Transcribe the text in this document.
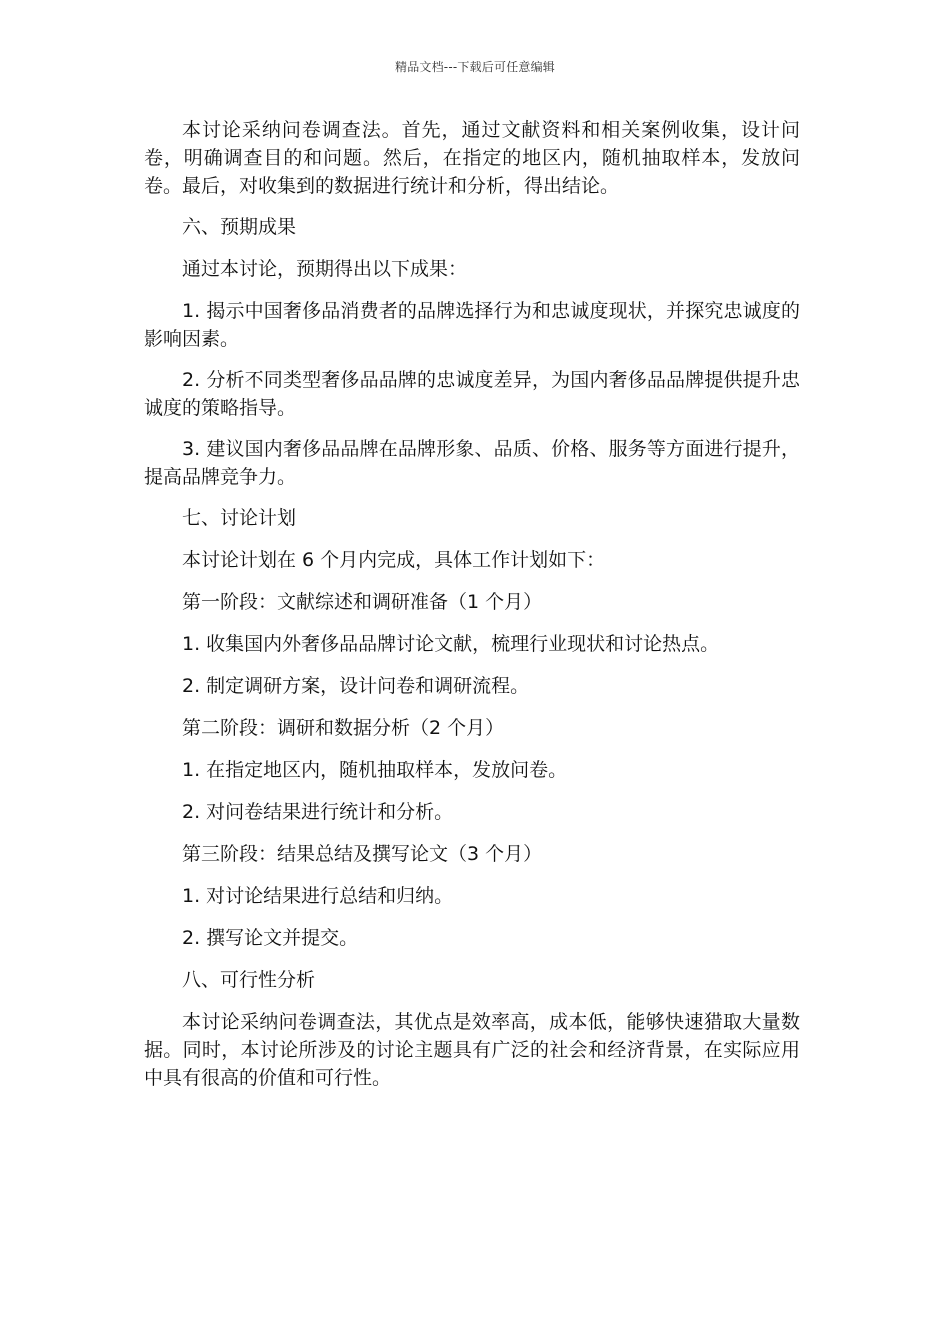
精品文档---下载后可任意编辑

本讨论采纳问卷调查法。首先，通过文献资料和相关案例收集，设计问卷，明确调查目的和问题。然后，在指定的地区内，随机抽取样本，发放问卷。最后，对收集到的数据进行统计和分析，得出结论。

六、预期成果

通过本讨论，预期得出以下成果：

1. 揭示中国奢侈品消费者的品牌选择行为和忠诚度现状，并探究忠诚度的影响因素。

2. 分析不同类型奢侈品品牌的忠诚度差异，为国内奢侈品品牌提供提升忠诚度的策略指导。

3. 建议国内奢侈品品牌在品牌形象、品质、价格、服务等方面进行提升，提高品牌竞争力。

七、讨论计划

本讨论计划在 6 个月内完成，具体工作计划如下：

第一阶段：文献综述和调研准备（1 个月）

1. 收集国内外奢侈品品牌讨论文献，梳理行业现状和讨论热点。

2. 制定调研方案，设计问卷和调研流程。

第二阶段：调研和数据分析（2 个月）

1. 在指定地区内，随机抽取样本，发放问卷。

2. 对问卷结果进行统计和分析。

第三阶段：结果总结及撰写论文（3 个月）

1. 对讨论结果进行总结和归纳。

2. 撰写论文并提交。

八、可行性分析

本讨论采纳问卷调查法，其优点是效率高，成本低，能够快速猎取大量数据。同时，本讨论所涉及的讨论主题具有广泛的社会和经济背景，在实际应用中具有很高的价值和可行性。
